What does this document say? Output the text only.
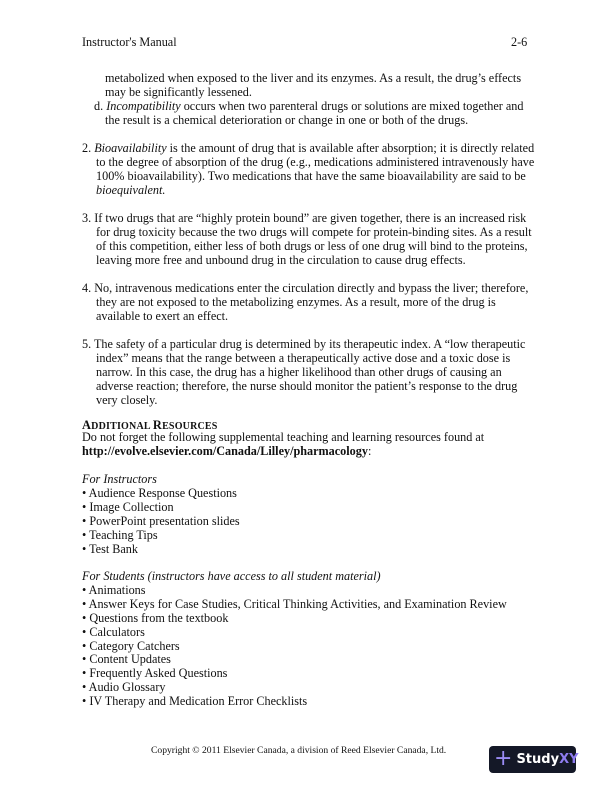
Instructor's Manual	2-6
metabolized when exposed to the liver and its enzymes. As a result, the drug’s effects
may be significantly lessened.
d. Incompatibility occurs when two parenteral drugs or solutions are mixed together and
the result is a chemical deterioration or change in one or both of the drugs.
2. Bioavailability is the amount of drug that is available after absorption; it is directly related
to the degree of absorption of the drug (e.g., medications administered intravenously have
100% bioavailability). Two medications that have the same bioavailability are said to be
bioequivalent.
3. If two drugs that are “highly protein bound” are given together, there is an increased risk
for drug toxicity because the two drugs will compete for protein-binding sites. As a result
of this competition, either less of both drugs or less of one drug will bind to the proteins,
leaving more free and unbound drug in the circulation to cause drug effects.
4. No, intravenous medications enter the circulation directly and bypass the liver; therefore,
they are not exposed to the metabolizing enzymes. As a result, more of the drug is
available to exert an effect.
5. The safety of a particular drug is determined by its therapeutic index. A “low therapeutic
index” means that the range between a therapeutically active dose and a toxic dose is
narrow. In this case, the drug has a higher likelihood than other drugs of causing an
adverse reaction; therefore, the nurse should monitor the patient’s response to the drug
very closely.
ADDITIONAL RESOURCES
Do not forget the following supplemental teaching and learning resources found at
http://evolve.elsevier.com/Canada/Lilley/pharmacology:
For Instructors
• Audience Response Questions
• Image Collection
• PowerPoint presentation slides
• Teaching Tips
• Test Bank
For Students (instructors have access to all student material)
• Animations
• Answer Keys for Case Studies, Critical Thinking Activities, and Examination Review
• Questions from the textbook
• Calculators
• Category Catchers
• Content Updates
• Frequently Asked Questions
• Audio Glossary
• IV Therapy and Medication Error Checklists
Copyright © 2011 Elsevier Canada, a division of Reed Elsevier Canada, Ltd. + Study XY
